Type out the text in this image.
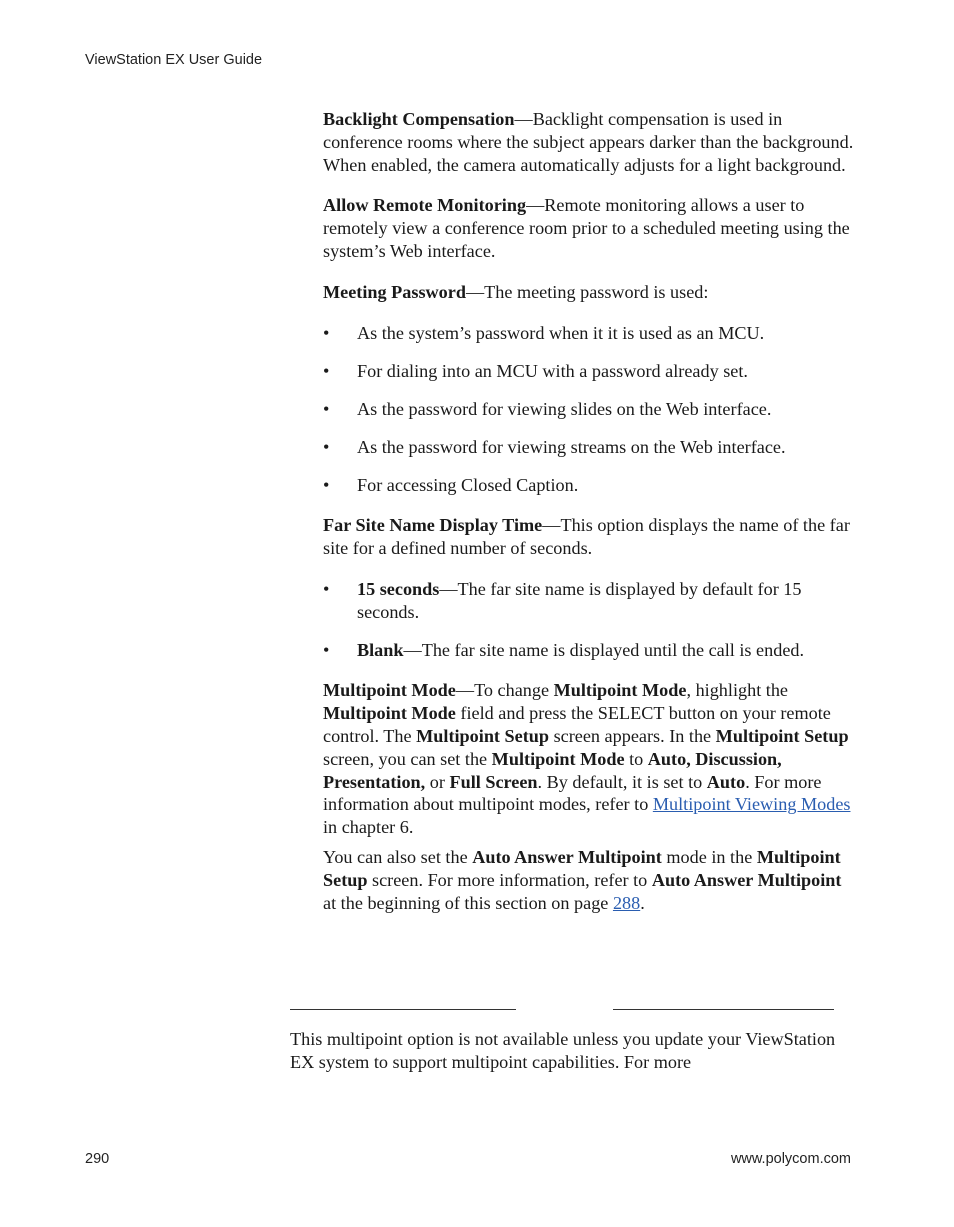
ViewStation EX User Guide

Backlight Compensation—Backlight compensation is used in conference rooms where the subject appears darker than the background. When enabled, the camera automatically adjusts for a light background.

Allow Remote Monitoring—Remote monitoring allows a user to remotely view a conference room prior to a scheduled meeting using the system’s Web interface.

Meeting Password—The meeting password is used:

• As the system’s password when it it is used as an MCU.
• For dialing into an MCU with a password already set.
• As the password for viewing slides on the Web interface.
• As the password for viewing streams on the Web interface.
• For accessing Closed Caption.

Far Site Name Display Time—This option displays the name of the far site for a defined number of seconds.

• 15 seconds—The far site name is displayed by default for 15 seconds.
• Blank—The far site name is displayed until the call is ended.

Multipoint Mode—To change Multipoint Mode, highlight the Multipoint Mode field and press the SELECT button on your remote control. The Multipoint Setup screen appears. In the Multipoint Setup screen, you can set the Multipoint Mode to Auto, Discussion, Presentation, or Full Screen. By default, it is set to Auto. For more information about multipoint modes, refer to Multipoint Viewing Modes in chapter 6.

You can also set the Auto Answer Multipoint mode in the Multipoint Setup screen. For more information, refer to Auto Answer Multipoint at the beginning of this section on page 288.

This multipoint option is not available unless you update your ViewStation EX system to support multipoint capabilities. For more
290	www.polycom.com
